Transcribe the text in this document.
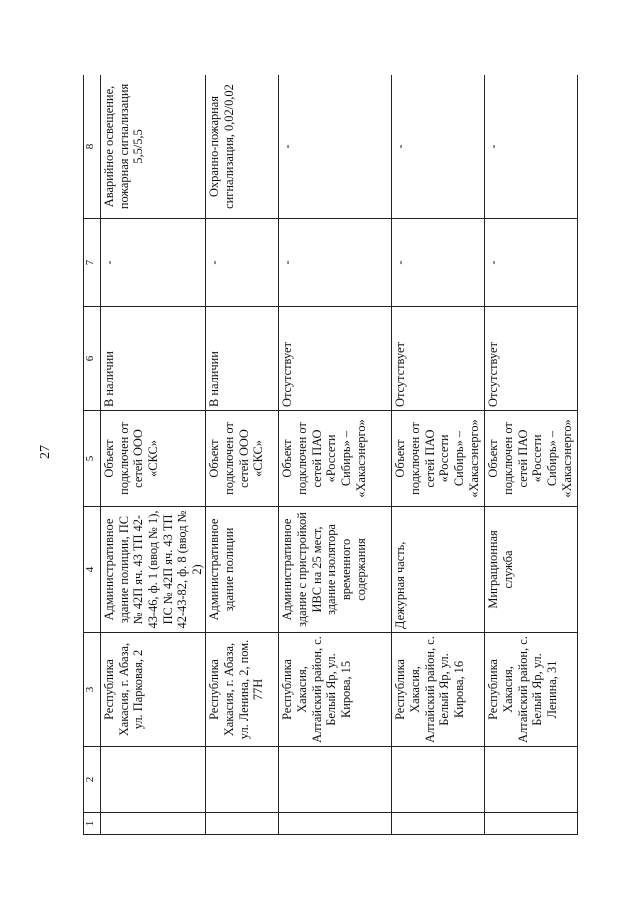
27
1	2	3	4	5	6	7	8
		Республика Хакасия, г. Абаза, ул. Парковая, 2	Административное здание полиции, ПС № 42П яч. 43 ТП 42-43-46, ф. 1 (ввод № 1), ПС № 42П яч. 43 ТП 42-43-82, ф. 8 (ввод № 2)	Объект подключен от сетей ООО «СКС»	В наличии	-	Аварийное освещение, пожарная сигнализация 5,5/5,5
		Республика Хакасия, г. Абаза, ул. Ленина, 2, пом. 77Н	Административное здание полиции	Объект подключен от сетей ООО «СКС»	В наличии	-	Охранно-пожарная сигнализация, 0,02/0,02
		Республика Хакасия, Алтайский район, с. Белый Яр, ул. Кирова, 15	Административное здание с пристройкой ИВС на 25 мест, здание изолятора временного содержания	Объект подключен от сетей ПАО «Россети Сибирь» – «Хакасэнерго»	Отсутствует	-	-
		Республика Хакасия, Алтайский район, с. Белый Яр, ул. Кирова, 16	Дежурная часть,	Объект подключен от сетей ПАО «Россети Сибирь» – «Хакасэнерго»	Отсутствует	-	-
		Республика Хакасия, Алтайский район, с. Белый Яр, ул. Ленина, 31	Миграционная служба	Объект подключен от сетей ПАО «Россети Сибирь» – «Хакасэнерго»	Отсутствует	-	-
